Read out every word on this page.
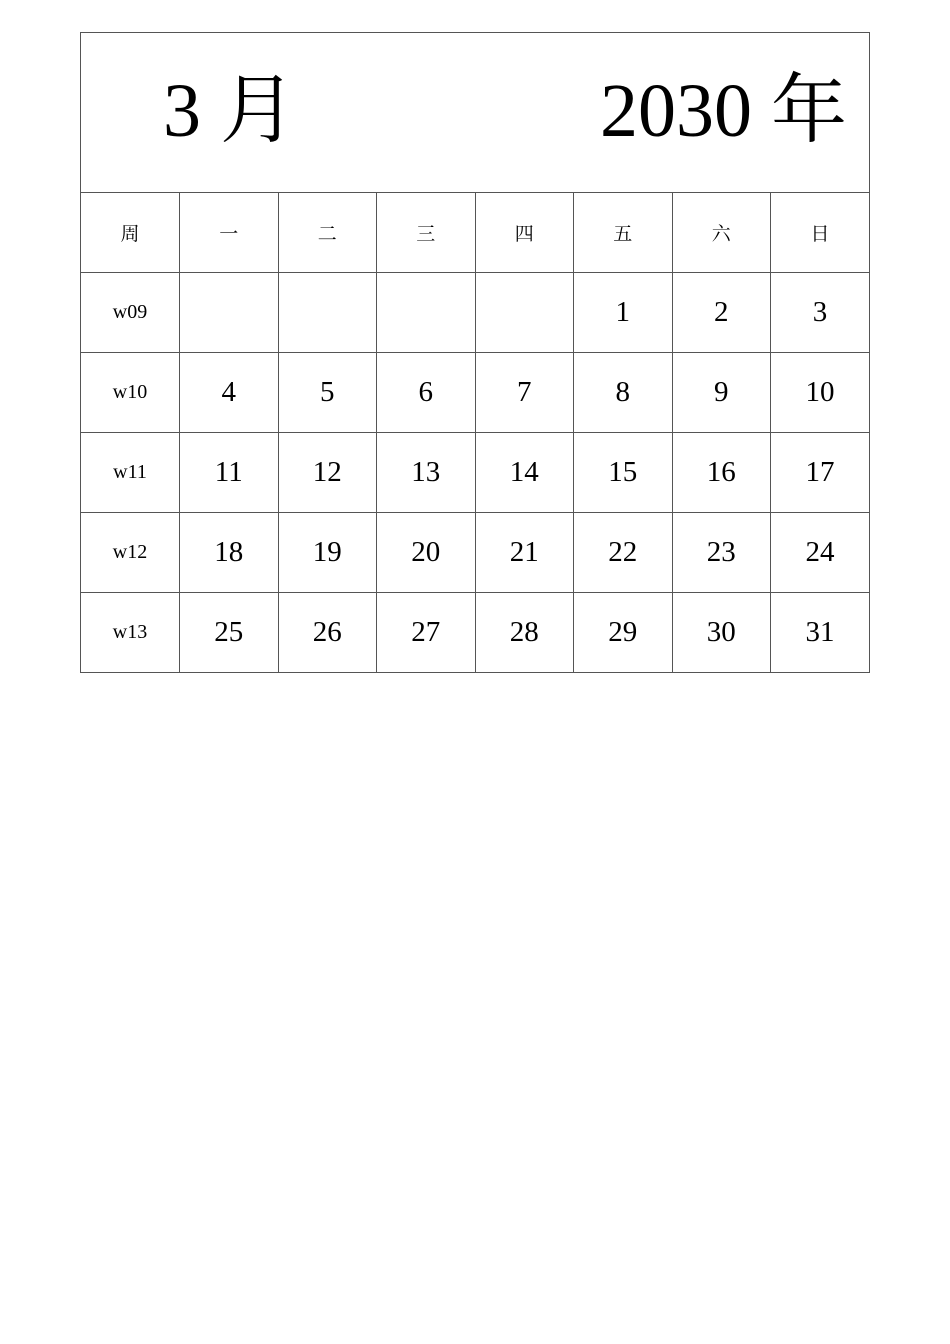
3 月	2030 年
周	一	二	三	四	五	六	日
w09					1	2	3
w10	4	5	6	7	8	9	10
w11	11	12	13	14	15	16	17
w12	18	19	20	21	22	23	24
w13	25	26	27	28	29	30	31
